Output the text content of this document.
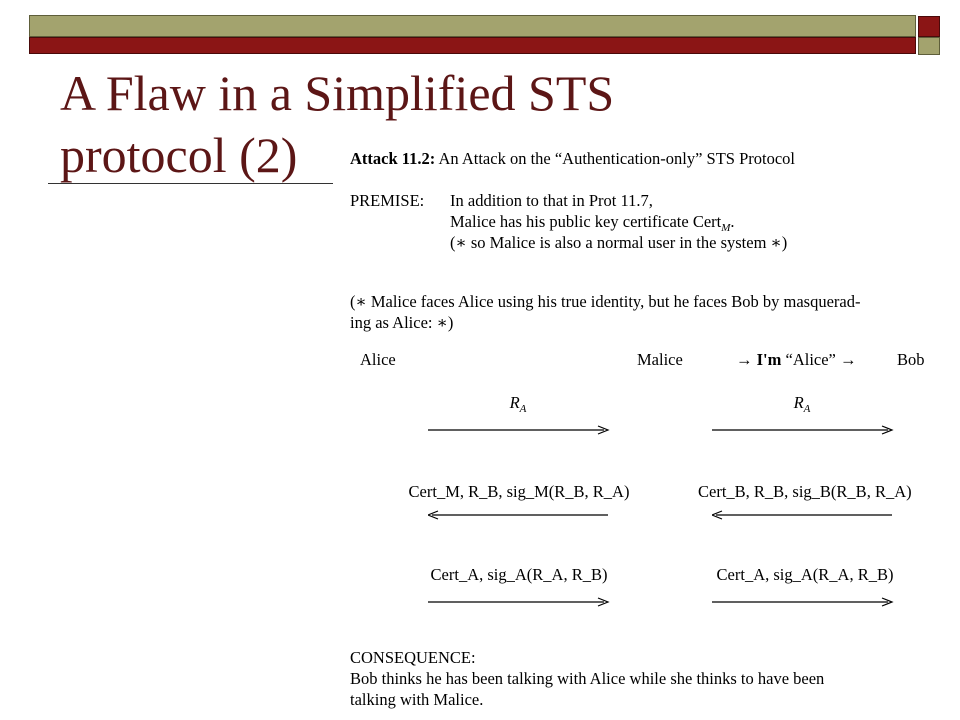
A Flaw in a Simplified STS
protocol (2)	Attack 11.2: An Attack on the “Authentication-only” STS Protocol
PREMISE: In addition to that in Prot 11.7,
Malice has his public key certificate Cert$_M$.
(∗ so Malice is also a normal user in the system ∗)
(∗ Malice faces Alice using his true identity, but he faces Bob by masquerad-
ing as Alice: ∗)
Alice	Malice	→ I'm “Alice” → Bob
$R_A$	$R_A$
Cert_M, R_B, sig_M(R_B, R_A)	Cert_B, R_B, sig_B(R_B, R_A)
Cert_A, sig_A(R_A, R_B)	Cert_A, sig_A(R_A, R_B)
CONSEQUENCE:
Bob thinks he has been talking with Alice while she thinks to have been
talking with Malice.
